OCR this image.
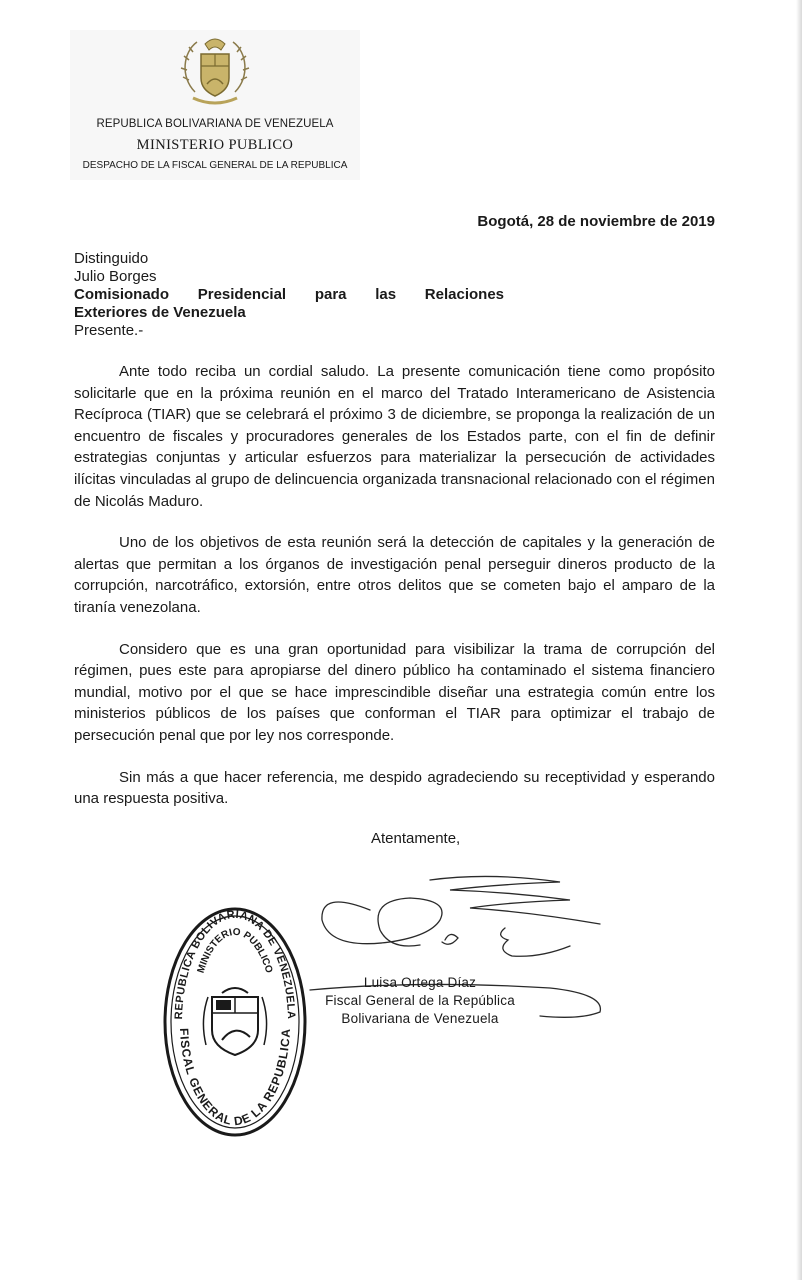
REPUBLICA BOLIVARIANA DE VENEZUELA
MINISTERIO PUBLICO
DESPACHO DE LA FISCAL GENERAL DE LA REPUBLICA
Bogotá, 28 de noviembre de 2019
Distinguido
Julio Borges
Comisionado Presidencial para las Relaciones
Exteriores de Venezuela
Presente.-

Ante todo reciba un cordial saludo. La presente comunicación tiene como propósito solicitarle que en la próxima reunión en el marco del Tratado Interamericano de Asistencia Recíproca (TIAR) que se celebrará el próximo 3 de diciembre, se proponga la realización de un encuentro de fiscales y procuradores generales de los Estados parte, con el fin de definir estrategias conjuntas y articular esfuerzos para materializar la persecución de actividades ilícitas vinculadas al grupo de delincuencia organizada transnacional relacionado con el régimen de Nicolás Maduro.

Uno de los objetivos de esta reunión será la detección de capitales y la generación de alertas que permitan a los órganos de investigación penal perseguir dineros producto de la corrupción, narcotráfico, extorsión, entre otros delitos que se cometen bajo el amparo de la tiranía venezolana.

Considero que es una gran oportunidad para visibilizar la trama de corrupción del régimen, pues este para apropiarse del dinero público ha contaminado el sistema financiero mundial, motivo por el que se hace imprescindible diseñar una estrategia común entre los ministerios públicos de los países que conforman el TIAR para optimizar el trabajo de persecución penal que por ley nos corresponde.

Sin más a que hacer referencia, me despido agradeciendo su receptividad y esperando una respuesta positiva.

Atentamente,
Luisa Ortega Díaz
Fiscal General de la República
Bolivariana de Venezuela
REPUBLICA BOLIVARIANA DE VENEZUELA
MINISTERIO PUBLICO
FISCAL GENERAL DE LA REPUBLICA
